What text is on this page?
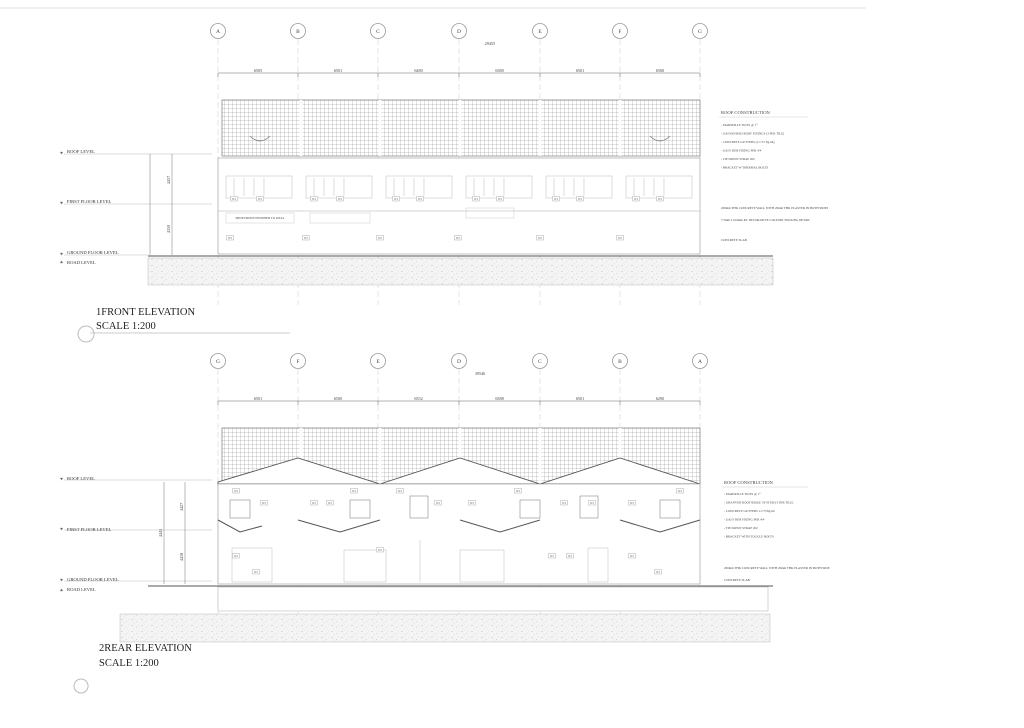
A	B	C	D	E	F	G
29455
6505	6501	6480	6580	6501	6500
SHOP FRONT/FINISHED TO WALL
W1	W1	W1	W1	W1	W1	W1	W1	W1	W1	W1	W1
W1	W1	W1	W1	W1	W1
ROOF LEVEL
FIRST FLOOR LEVEL
GROUND FLOOR LEVEL
ROAD LEVEL
4457
4350
ROOF CONSTRUCTION
- MARSEILLE TILES @ 1°
- GALVANISED ROOF FIXINGS (3 PER TILE)
- CONCRETE GUTTERS (1:1/75 fig.tm)
- GALV RIM FIXING PER 4/4
- TIE DOWN STRAP 202
- BRACKET W/THERMAL BOLTS
200mm THK CONCRETE WALL WITH 20mm THK PLASTER IN BOTH SIDES
7.5mm x 616mm RC DECORATIVE COLUMN TOOLING DETAIL
CONCRETE SLAB
1FRONT ELEVATION
SCALE 1:200
G	F	E	D	C	B	A
39546
6501	6500	6552	6588	6501	6290
W1
W1	W1	W1
W1	W1
W1	W1
W1
W1	W1	W1
W1
W1
W1
W1
W1	W1	W1
W1
ROOF LEVEL
FIRST FLOOR LEVEL
GROUND FLOOR LEVEL
ROAD LEVEL
4427
4418
4445
ROOF CONSTRUCTION
- MARSEILLE TILES @ 1°
- GRANVER ROOF RIDGE SYSTEM (3 PER TILE)
- CONCRETE GUTTERS 1:1/75fig.tm
- GALV RIM FIXING PER 4/4
- TIE DOWN STRAP 202
- BRACKET WITH TOGGLE BOLTS
200mm THK CONCRETE WALL WITH 20mm THK PLASTER IN BOTH SIDE
CONCRETE SLAB
2REAR ELEVATION
SCALE 1:200
